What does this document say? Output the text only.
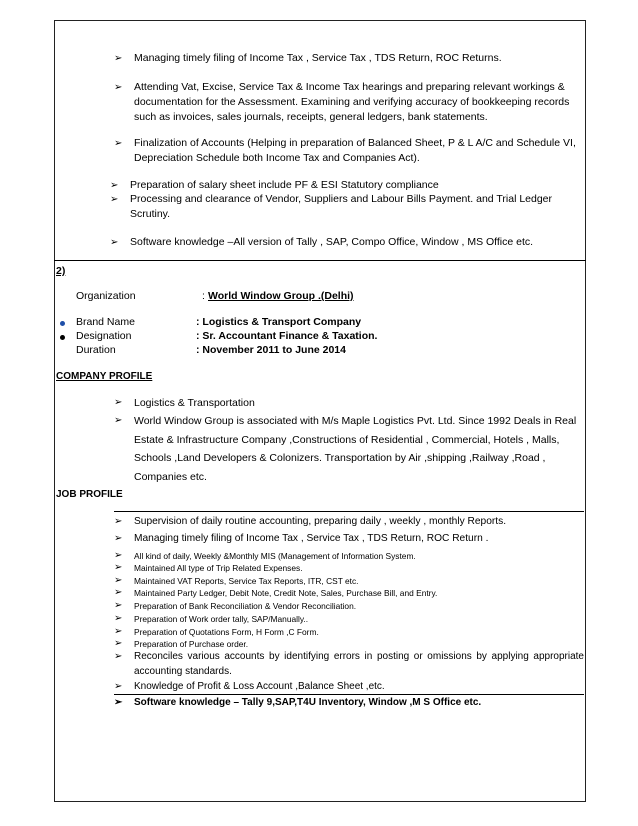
➢	Managing timely filing of Income Tax , Service Tax , TDS Return, ROC Returns.
➢	Attending Vat, Excise, Service Tax & Income Tax hearings and preparing relevant workings & documentation for the Assessment. Examining and verifying accuracy of bookkeeping records such as invoices, sales journals, receipts, general ledgers, bank statements.
➢	Finalization of Accounts (Helping in preparation of Balanced Sheet, P & L A/C and Schedule VI, Depreciation Schedule both Income Tax and Companies Act).
➢	Preparation of salary sheet include PF & ESI Statutory compliance
➢	Processing and clearance of Vendor, Suppliers and Labour Bills Payment. and Trial Ledger Scrutiny.
➢	Software knowledge –All version of Tally , SAP, Compo Office, Window , MS Office etc.
2)
Organization	: World Window Group .(Delhi)
Brand Name	: Logistics & Transport Company
Designation	: Sr. Accountant Finance & Taxation.
Duration	: November 2011 to June 2014
COMPANY PROFILE
➢	Logistics & Transportation
➢	World Window Group is associated with M/s Maple Logistics Pvt. Ltd. Since 1992 Deals in Real Estate & Infrastructure Company ,Constructions of Residential , Commercial, Hotels , Malls, Schools ,Land Developers & Colonizers. Transportation by Air ,shipping ,Railway ,Road , Companies etc.
JOB PROFILE
➢	Supervision of daily routine accounting, preparing daily , weekly , monthly Reports.
➢	Managing timely filing of Income Tax , Service Tax , TDS Return, ROC Return .
➢	All kind of daily, Weekly &Monthly MIS (Management of Information System.
➢	Maintained All type of Trip Related Expenses.
➢	Maintained VAT Reports, Service Tax Reports, ITR, CST etc.
➢	Maintained Party Ledger, Debit Note, Credit Note, Sales, Purchase Bill, and Entry.
➢	Preparation of Bank Reconciliation & Vendor Reconciliation.
➢	Preparation of Work order tally, SAP/Manually..
➢	Preparation of Quotations Form, H Form ,C Form.
➢	Preparation of Purchase order.
➢	Reconciles various accounts by identifying errors in posting or omissions by applying appropriate accounting standards.
➢	Knowledge of Profit & Loss Account ,Balance Sheet ,etc.
➢	Software knowledge – Tally 9,SAP,T4U Inventory, Window ,M S Office etc.
